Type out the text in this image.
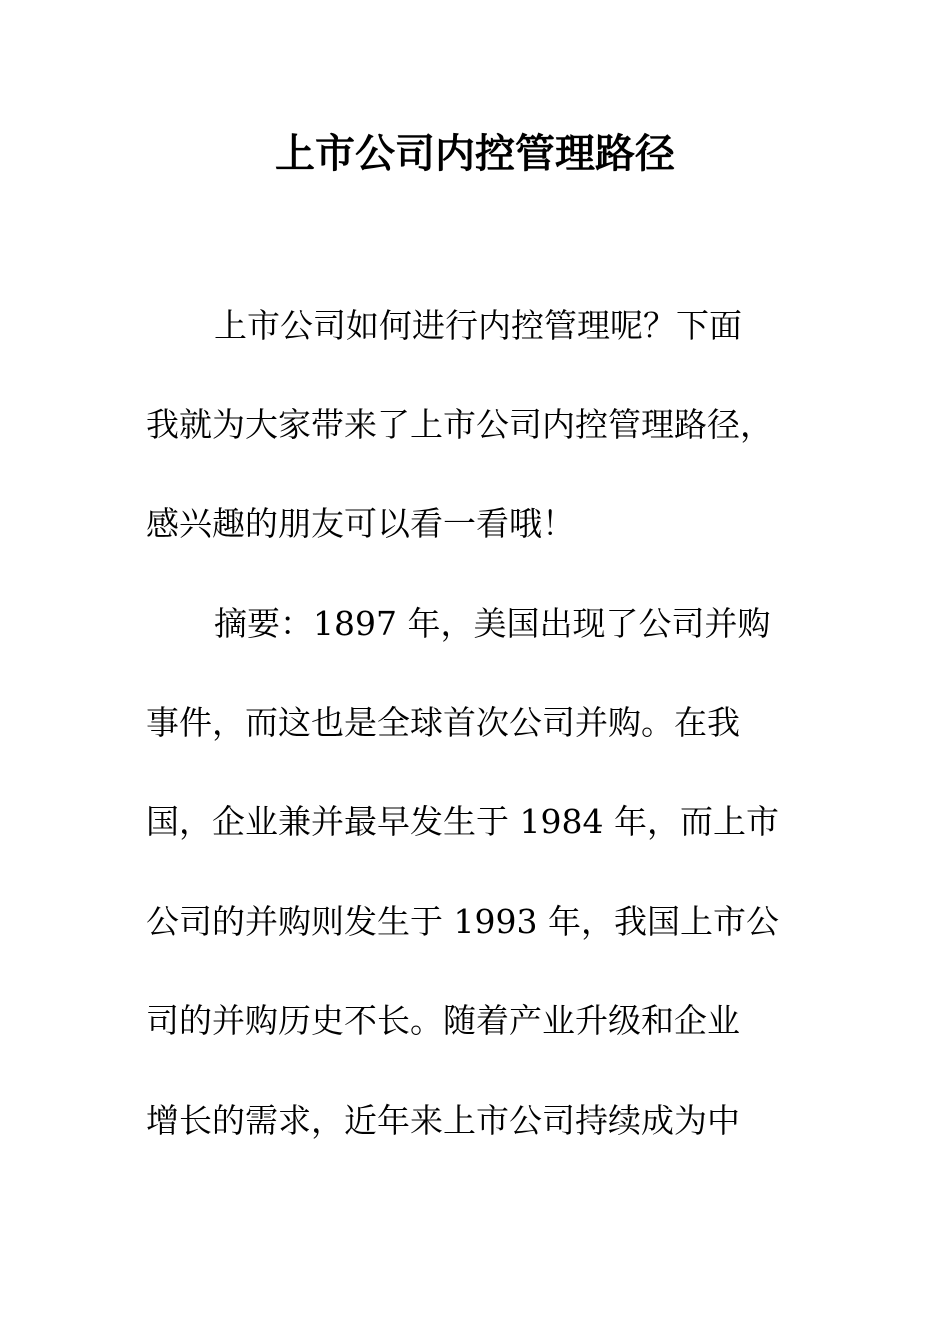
上市公司内控管理路径
上市公司如何进行内控管理呢？下面
我就为大家带来了上市公司内控管理路径，
感兴趣的朋友可以看一看哦！
摘要：1897 年，美国出现了公司并购
事件，而这也是全球首次公司并购。在我
国，企业兼并最早发生于 1984 年，而上市
公司的并购则发生于 1993 年，我国上市公
司的并购历史不长。随着产业升级和企业
增长的需求，近年来上市公司持续成为中
